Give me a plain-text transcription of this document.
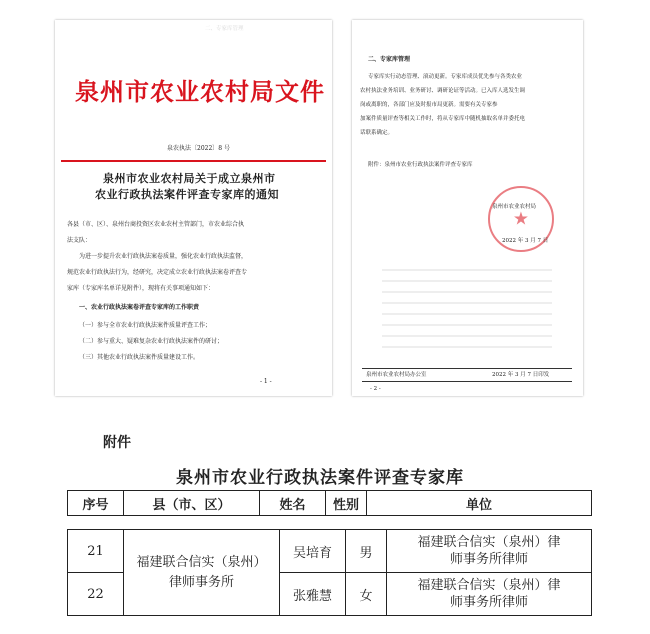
二、专家库管理
泉州市农业农村局文件
泉农执法〔2022〕8 号
泉州市农业农村局关于成立泉州市
农业行政执法案件评查专家库的通知
各县（市、区）、泉州台商投资区农业农村主管部门，市农业综合执
法支队：
为进一步提升农业行政执法案卷质量，强化农业行政执法监督，
规范农业行政执法行为，经研究，决定成立农业行政执法案卷评查专
家库（专家库名单详见附件），现将有关事项通知如下：
一、农业行政执法案卷评查专家库的工作职责
（一）参与全市农业行政执法案件质量评查工作；
（二）参与重大、疑难复杂农业行政执法案件的研讨；
（三）其他农业行政执法案件质量建设工作。
- 1 -
二、专家库管理
专家库实行动态管理、滚动更新。专家库成员优先参与各类农业
农村执法业务培训、业务研讨、调研论证等活动。已入库人选发生调
岗或离职的，各部门应及时报市局更新。需要有关专家参
加案件质量评查等相关工作时，将从专家库中随机抽取名单并委托电
话联系确定。
附件：泉州市农业行政执法案件评查专家库
★
泉州市农业农村局
2022 年 3 月 7 日
泉州市农业农村局办公室	2022 年 3 月 7 日印发
- 2 -
附件
泉州市农业行政执法案件评查专家库
序号	县（市、区）	姓名	性别	单位
21	福建联合信实（泉州）律师事务所	吴培育	男	福建联合信实（泉州）律师事务所律师
22		张雅慧	女	福建联合信实（泉州）律师事务所律师
